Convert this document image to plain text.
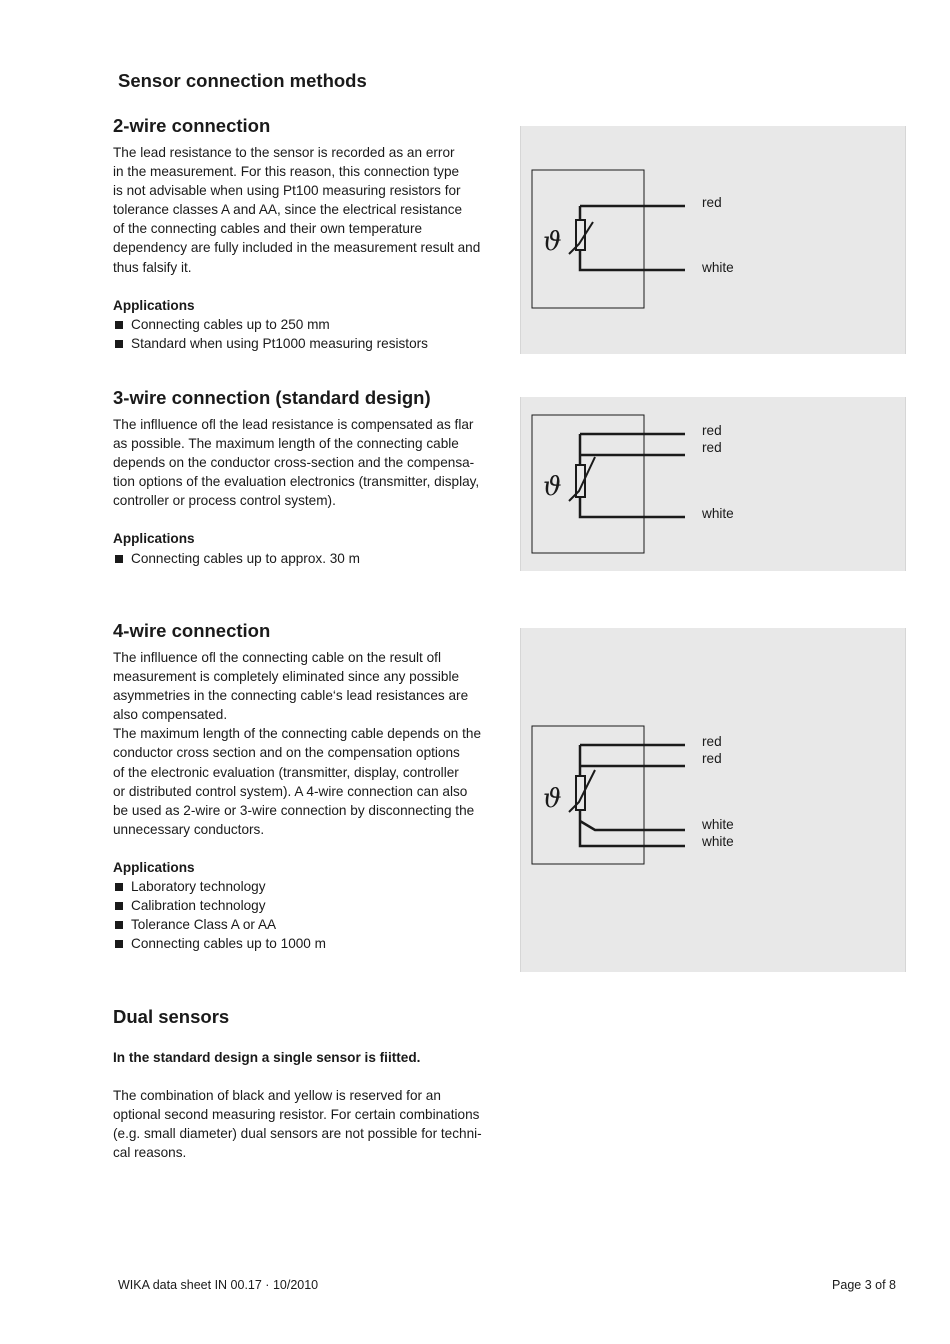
Sensor connection methods
2-wire connection

The lead resistance to the sensor is recorded as an error
in the measurement. For this reason, this connection type
is not advisable when using Pt100 measuring resistors for
tolerance classes A and AA, since the electrical resistance
of the connecting cables and their own temperature
dependency are fully included in the measurement result and
thus falsify it.

Applications
Connecting cables up to 250 mm
Standard when using Pt1000 measuring resistors
ϑ
red
white
3-wire connection (standard design)

The inflluence ofl the lead resistance is compensated as flar
as possible. The maximum length of the connecting cable
depends on the conductor cross-section and the compensa-
tion options of the evaluation electronics (transmitter, display,
controller or process control system).

Applications
Connecting cables up to approx. 30 m
ϑ
red
red
white
4-wire connection

The inflluence ofl the connecting cable on the result ofl
measurement is completely eliminated since any possible
asymmetries in the connecting cable‘s lead resistances are
also compensated.
The maximum length of the connecting cable depends on the
conductor cross section and on the compensation options
of the electronic evaluation (transmitter, display, controller
or distributed control system). A 4-wire connection can also
be used as 2-wire or 3-wire connection by disconnecting the
unnecessary conductors.

Applications
Laboratory technology
Calibration technology
Tolerance Class A or AA
Connecting cables up to 1000 m
ϑ
red
red
white
white
Dual sensors

In the standard design a single sensor is fiitted.

The combination of black and yellow is reserved for an
optional second measuring resistor. For certain combinations
(e.g. small diameter) dual sensors are not possible for techni-
cal reasons.

WIKA data sheet IN 00.17 · 10/2010	Page 3 of 8
